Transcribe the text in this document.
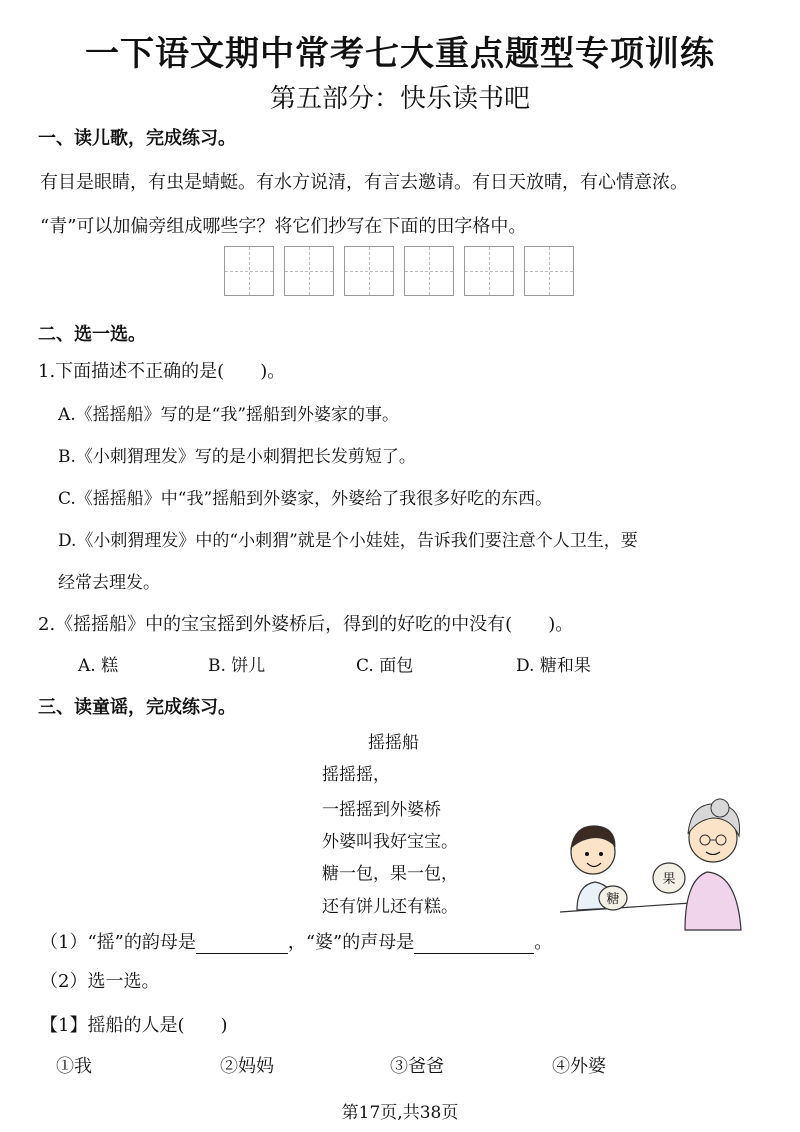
一下语文期中常考七大重点题型专项训练
第五部分：快乐读书吧
一、读儿歌，完成练习。
有目是眼睛，有虫是蜻蜓。有水方说清，有言去邀请。有日天放晴，有心情意浓。
“青”可以加偏旁组成哪些字？将它们抄写在下面的田字格中。
二、选一选。
1.下面描述不正确的是(　　)。
A.《摇摇船》写的是“我”摇船到外婆家的事。
B.《小刺猬理发》写的是小刺猬把长发剪短了。
C.《摇摇船》中“我”摇船到外婆家，外婆给了我很多好吃的东西。
D.《小刺猬理发》中的“小刺猬”就是个小娃娃，告诉我们要注意个人卫生，要
经常去理发。
2.《摇摇船》中的宝宝摇到外婆桥后，得到的好吃的中没有(　　)。
A. 糕	B. 饼儿	C. 面包	D. 糖和果
三、读童谣，完成练习。
摇摇船
摇摇摇，
一摇摇到外婆桥
外婆叫我好宝宝。
糖一包，果一包，
还有饼儿还有糕。	糖
果
（1）“摇”的韵母是	，“婆”的声母是	。
（2）选一选。
【1】摇船的人是(　　)
①我	②妈妈	③爸爸	④外婆
第17页,共38页
